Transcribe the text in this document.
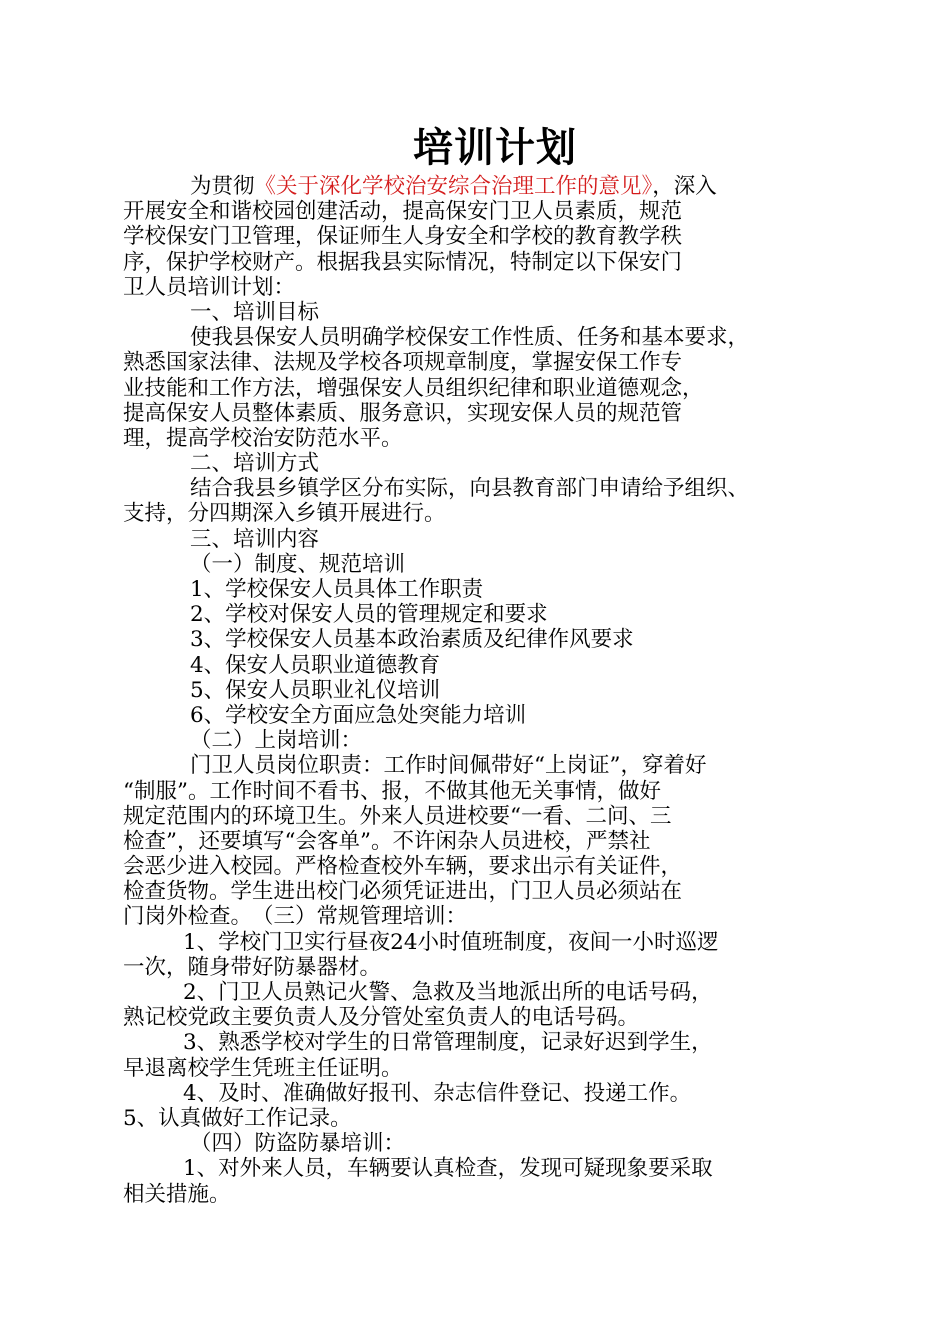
培训计划
为贯彻《关于深化学校治安综合治理工作的意见》，深入
开展安全和谐校园创建活动，提高保安门卫人员素质，规范
学校保安门卫管理，保证师生人身安全和学校的教育教学秩
序，保护学校财产。根据我县实际情况，特制定以下保安门
卫人员培训计划：
一、培训目标
使我县保安人员明确学校保安工作性质、任务和基本要求，
熟悉国家法律、法规及学校各项规章制度，掌握安保工作专
业技能和工作方法，增强保安人员组织纪律和职业道德观念，
提高保安人员整体素质、服务意识，实现安保人员的规范管
理，提高学校治安防范水平。
二、培训方式
结合我县乡镇学区分布实际，向县教育部门申请给予组织、
支持，分四期深入乡镇开展进行。
三、培训内容
（一）制度、规范培训
1、学校保安人员具体工作职责
2、学校对保安人员的管理规定和要求
3、学校保安人员基本政治素质及纪律作风要求
4、保安人员职业道德教育
5、保安人员职业礼仪培训
6、学校安全方面应急处突能力培训
（二）上岗培训：
门卫人员岗位职责：工作时间佩带好“上岗证”，穿着好
“制服”。工作时间不看书、报，不做其他无关事情，做好
规定范围内的环境卫生。外来人员进校要“一看、二问、三
检查”，还要填写“会客单”。不许闲杂人员进校，严禁社
会恶少进入校园。严格检查校外车辆，要求出示有关证件，
检查货物。学生进出校门必须凭证进出，门卫人员必须站在
门岗外检查。　（三）常规管理培训：
1、学校门卫实行昼夜24小时值班制度，夜间一小时巡逻
一次，随身带好防暴器材。
2、门卫人员熟记火警、急救及当地派出所的电话号码，
熟记校党政主要负责人及分管处室负责人的电话号码。
3、熟悉学校对学生的日常管理制度，记录好迟到学生，
早退离校学生凭班主任证明。
4、及时、准确做好报刊、杂志信件登记、投递工作。
5、认真做好工作记录。
（四）防盗防暴培训：
1、对外来人员，车辆要认真检查，发现可疑现象要采取
相关措施。
